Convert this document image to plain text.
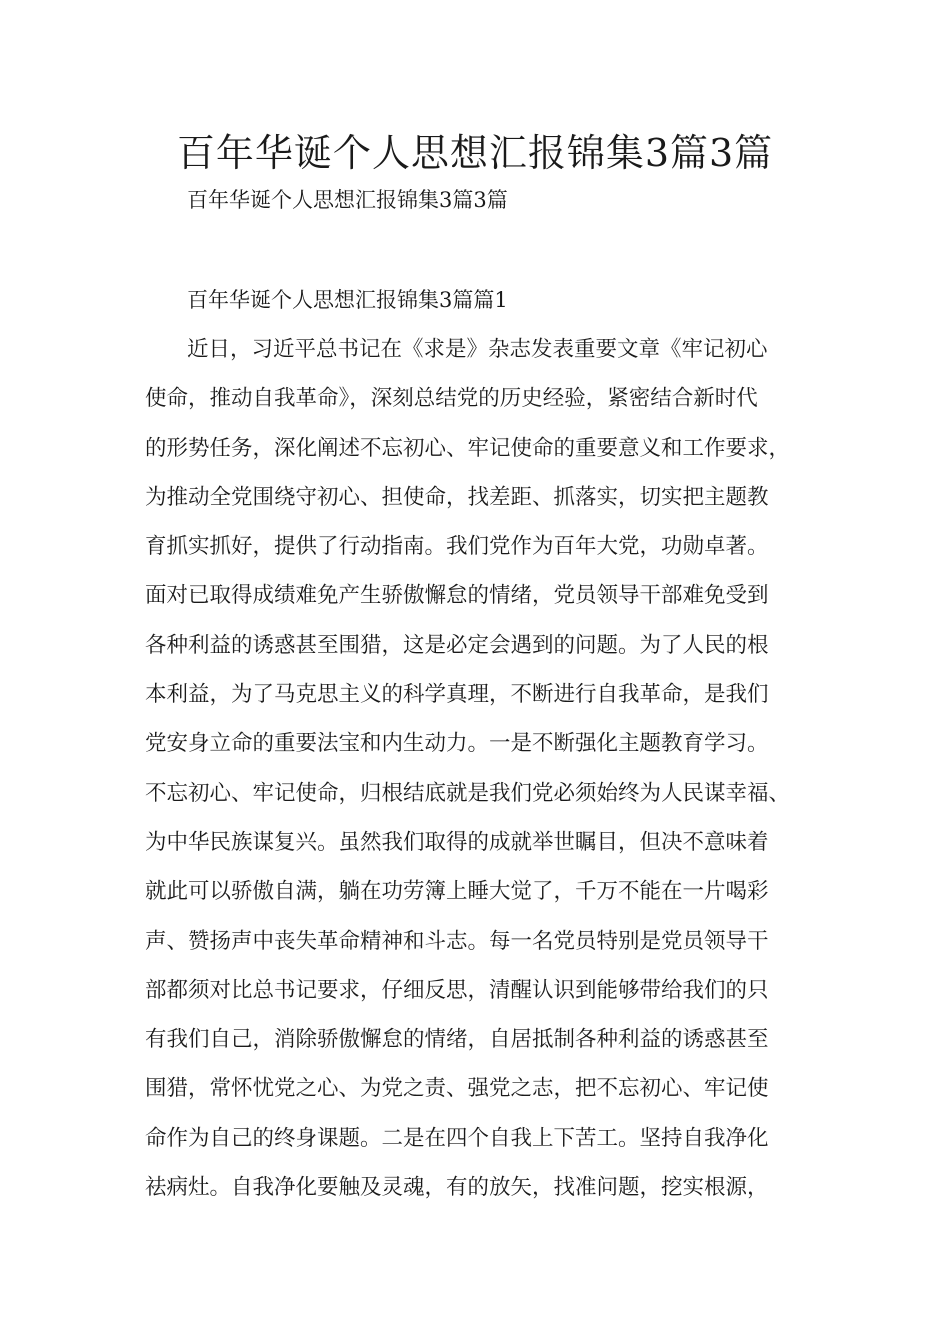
百年华诞个人思想汇报锦集3篇3篇

百年华诞个人思想汇报锦集3篇3篇

百年华诞个人思想汇报锦集3篇篇1

近日，习近平总书记在《求是》杂志发表重要文章《牢记初心
使命，推动自我革命》，深刻总结党的历史经验，紧密结合新时代
的形势任务，深化阐述不忘初心、牢记使命的重要意义和工作要求，
为推动全党围绕守初心、担使命，找差距、抓落实，切实把主题教
育抓实抓好，提供了行动指南。我们党作为百年大党，功勋卓著。
面对已取得成绩难免产生骄傲懈怠的情绪，党员领导干部难免受到
各种利益的诱惑甚至围猎，这是必定会遇到的问题。为了人民的根
本利益，为了马克思主义的科学真理，不断进行自我革命，是我们
党安身立命的重要法宝和内生动力。一是不断强化主题教育学习。
不忘初心、牢记使命，归根结底就是我们党必须始终为人民谋幸福、
为中华民族谋复兴。虽然我们取得的成就举世瞩目，但决不意味着
就此可以骄傲自满，躺在功劳簿上睡大觉了，千万不能在一片喝彩
声、赞扬声中丧失革命精神和斗志。每一名党员特别是党员领导干
部都须对比总书记要求，仔细反思，清醒认识到能够带给我们的只
有我们自己，消除骄傲懈怠的情绪，自居抵制各种利益的诱惑甚至
围猎，常怀忧党之心、为党之责、强党之志，把不忘初心、牢记使
命作为自己的终身课题。二是在四个自我上下苦工。坚持自我净化
祛病灶。自我净化要触及灵魂，有的放矢，找准问题，挖实根源，
